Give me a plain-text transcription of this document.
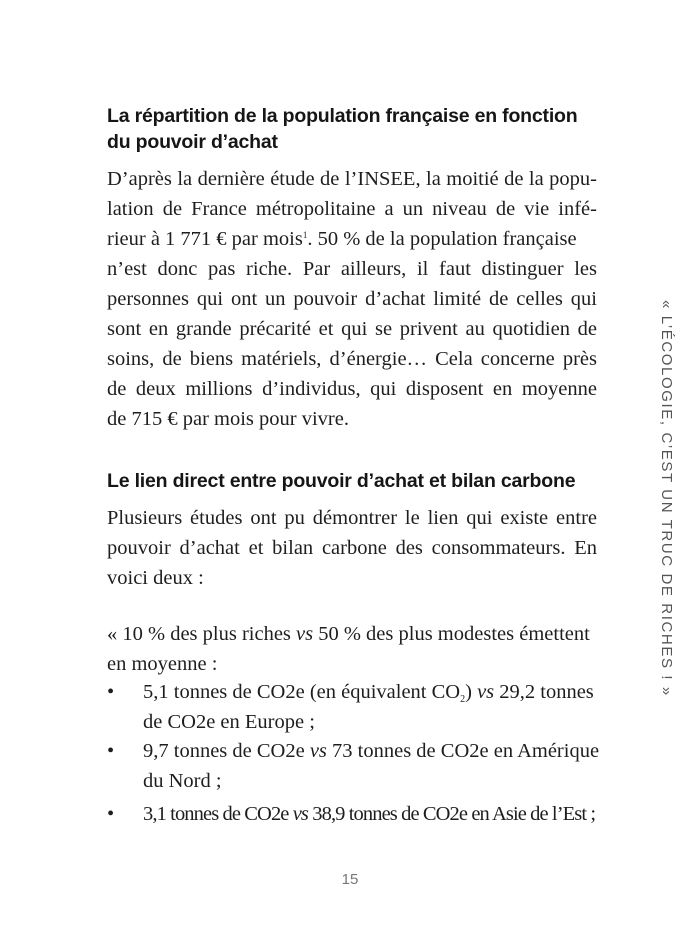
La répartition de la population française en fonction
du pouvoir d’achat
D’après la dernière étude de l’INSEE, la moitié de la popu-
lation de France métropolitaine a un niveau de vie infé-
rieur à 1 771 € par mois$^1$. 50 % de la population française
n’est donc pas riche. Par ailleurs, il faut distinguer les
personnes qui ont un pouvoir d’achat limité de celles qui
sont en grande précarité et qui se privent au quotidien de
soins, de biens matériels, d’énergie… Cela concerne près
de deux millions d’individus, qui disposent en moyenne
de 715 € par mois pour vivre.
Le lien direct entre pouvoir d’achat et bilan carbone
Plusieurs études ont pu démontrer le lien qui existe entre
pouvoir d’achat et bilan carbone des consommateurs. En
voici deux :
« 10 % des plus riches vs 50 % des plus modestes émettent
en moyenne :
•	5,1 tonnes de CO2e (en équivalent $CO_2$) vs 29,2 tonnes
de CO2e en Europe ;
•	9,7 tonnes de CO2e vs 73 tonnes de CO2e en Amérique
du Nord ;
•	3,1 tonnes de CO2e vs 38,9 tonnes de CO2e en Asie de l’Est ;
« L’ÉCOLOGIE, C’EST UN TRUC DE RICHES ! »
15
